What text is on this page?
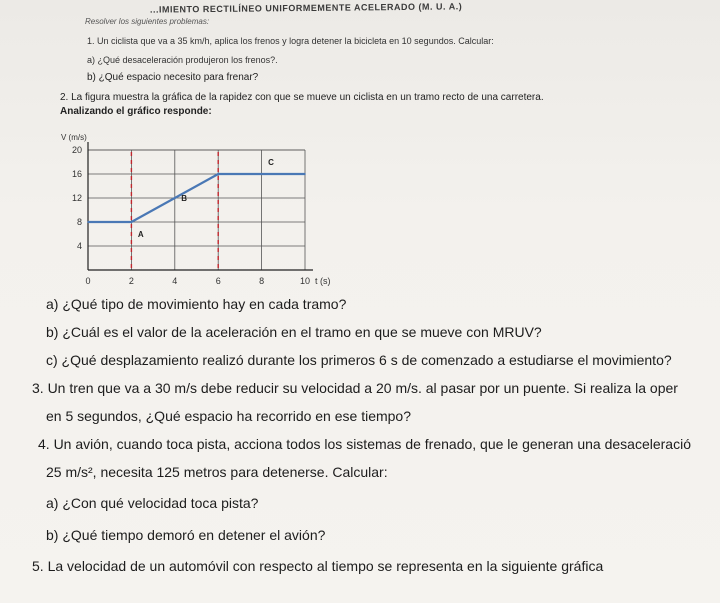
...IMIENTO RECTILÍNEO UNIFORMEMENTE ACELERADO (M. U. A.)
Resolver los siguientes problemas:
1. Un ciclista que va a 35 km/h, aplica los frenos y logra detener la bicicleta en 10 segundos. Calcular:
a) ¿Qué desaceleración produjeron los frenos?.
b) ¿Qué espacio necesito para frenar?
2. La figura muestra la gráfica de la rapidez con que se mueve un ciclista en un tramo recto de una carretera.
Analizando el gráfico responde:
V (m/s)
t (s)
4
8
12
16
20
0	2	4	6	8	10
A
B
C
a) ¿Qué tipo de movimiento hay en cada tramo?
b) ¿Cuál es el valor de la aceleración en el tramo en que se mueve con MRUV?
c) ¿Qué desplazamiento realizó durante los primeros 6 s de comenzado a estudiarse el movimiento?
3. Un tren que va a 30 m/s debe reducir su velocidad a 20 m/s. al pasar por un puente. Si realiza la oper
en 5 segundos, ¿Qué espacio ha recorrido en ese tiempo?
4. Un avión, cuando toca pista, acciona todos los sistemas de frenado, que le generan una desaceleració
25 m/s², necesita 125 metros para detenerse. Calcular:
a) ¿Con qué velocidad toca pista?
b) ¿Qué tiempo demoró en detener el avión?
5. La velocidad de un automóvil con respecto al tiempo se representa en la siguiente gráfica
